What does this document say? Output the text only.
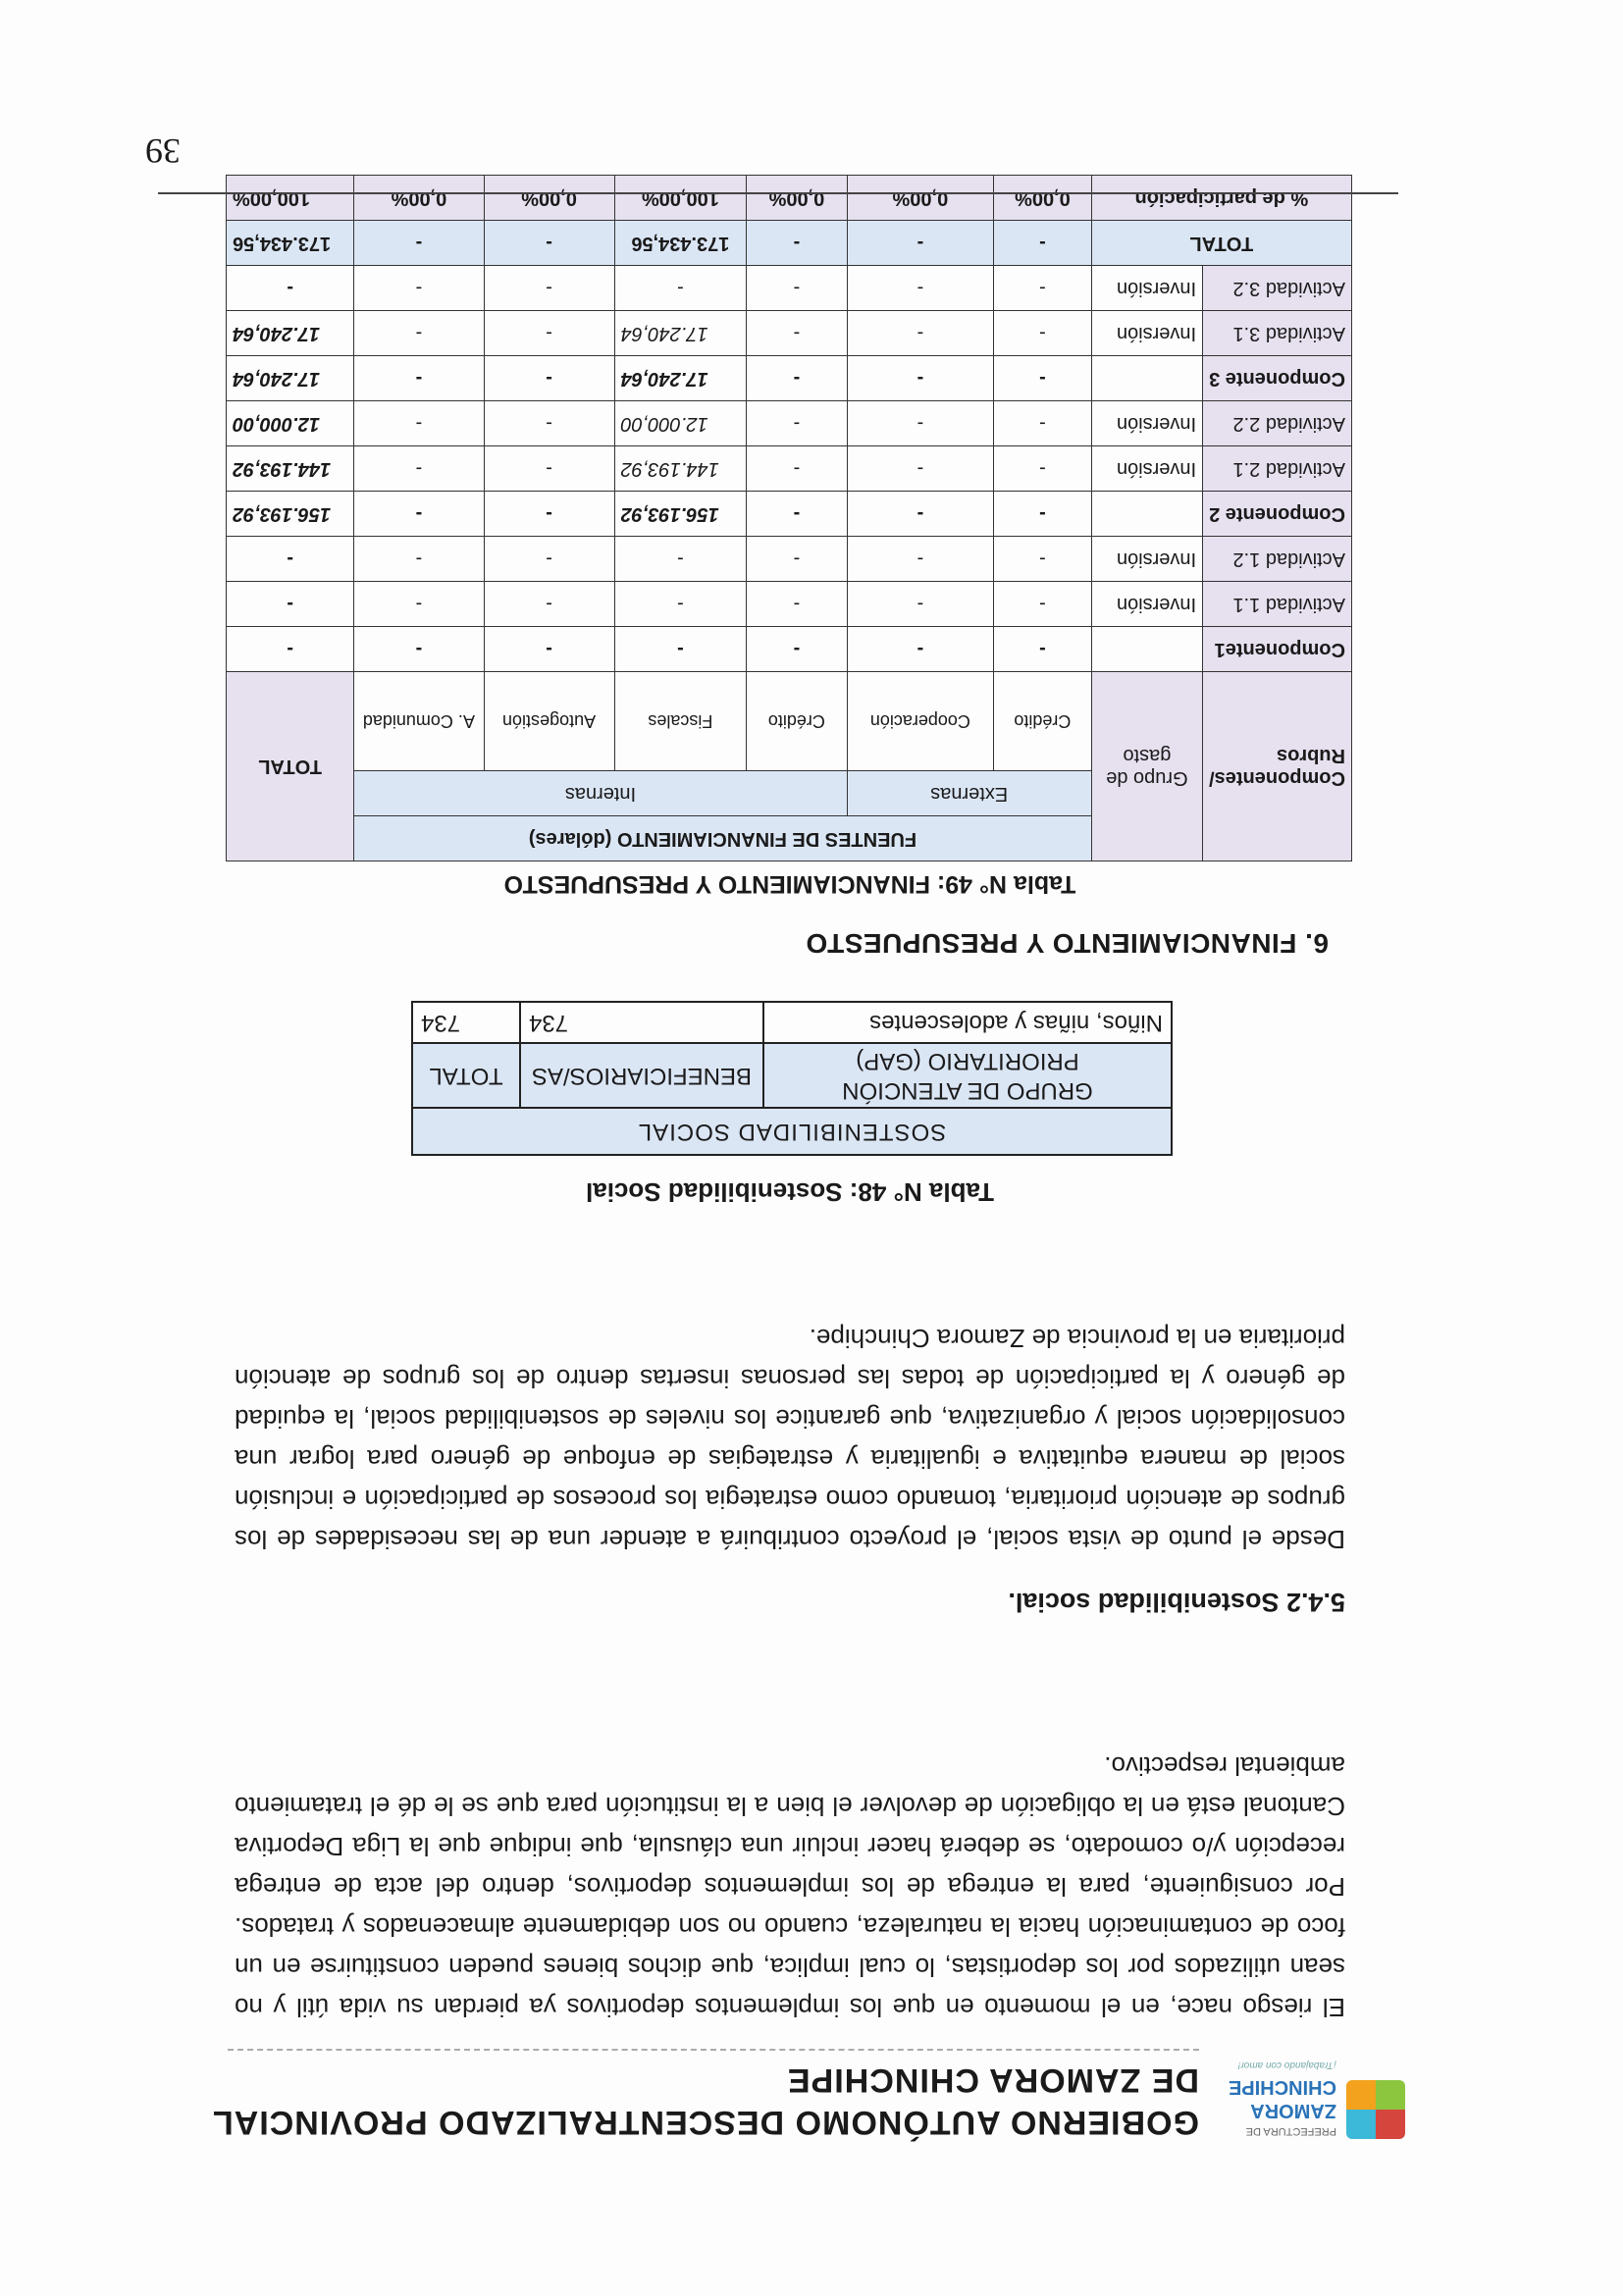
PREFECTURA DE
ZAMORA
CHINCHIPE
¡Trabajando con amor!
GOBIERNO AUTÓNOMO DESCENTRALIZADO PROVINCIAL
DE ZAMORA CHINCHIPE
El riesgo nace, en el momento en que los implementos deportivos ya pierdan su vida útil y no sean utilizados por los deportistas, lo cual implica, que dichos bienes pueden constituirse en un foco de contaminación hacia la naturaleza, cuando no son debidamente almacenados y tratados. Por consiguiente, para la entrega de los implementos deportivos, dentro del acta de entrega recepción y/o comodato, se deberá hacer incluir una cláusula, que indique que la Liga Deportiva Cantonal está en la obligación de devolver el bien a la institución para que se le dé el tratamiento ambiental respectivo.
5.4.2 Sostenibilidad social.
Desde el punto de vista social, el proyecto contribuirá a atender una de las necesidades de los grupos de atención prioritaria, tomando como estrategia los procesos de participación e inclusión social de manera equitativa e igualitaria y estrategias de enfoque de género para lograr una consolidación social y organizativa, que garantice los niveles de sostenibilidad social, la equidad de género y la participación de todas las personas insertas dentro de los grupos de atención prioritaria en la provincia de Zamora Chinchipe.
Tabla N° 48: Sostenibilidad Social
SOSTENIBILIDAD SOCIAL		
GRUPO DE ATENCIÓN PRIORITARIO (GAP)	BENEFICIARIOS/AS	TOTAL
Niños, niñas y adolescentes	734	734
6. FINANCIAMIENTO Y PRESUPUESTO
Tabla N° 49: FINANCIAMIENTO Y PRESUPUESTO
Componentes/ Rubros	Grupo de gasto	FUENTES DE FINANCIAMIENTO (dólares)						TOTAL
		Externas		Internas				
		Crédito	Cooperación	Crédito	Fiscales	Autogestión	A. Comunidad	
Componente1		-	-	-	-	-	-	-
Actividad 1.1	Inversión	-	-	-	-	-	-	-
Actividad 1.2	Inversión	-	-	-	-	-	-	-
Componente 2		-	-	-	156.193,92	-	-	156.193,92
Actividad 2.1	Inversión	-	-	-	144.193,92	-	-	144.193,92
Actividad 2.2	Inversión	-	-	-	12.000,00	-	-	12.000,00
Componente 3		-	-	-	17.240,64	-	-	17.240,64
Actividad 3.1	Inversión	-	-	-	17.240,64	-	-	17.240,64
Actividad 3.2	Inversión	-	-	-	-	-	-	-
TOTAL		-	-	-	173.434,56	-	-	173.434,56
% de participación		0,00%	0,00%	0,00%	100,00%	0,00%	0,00%	100,00%
39
